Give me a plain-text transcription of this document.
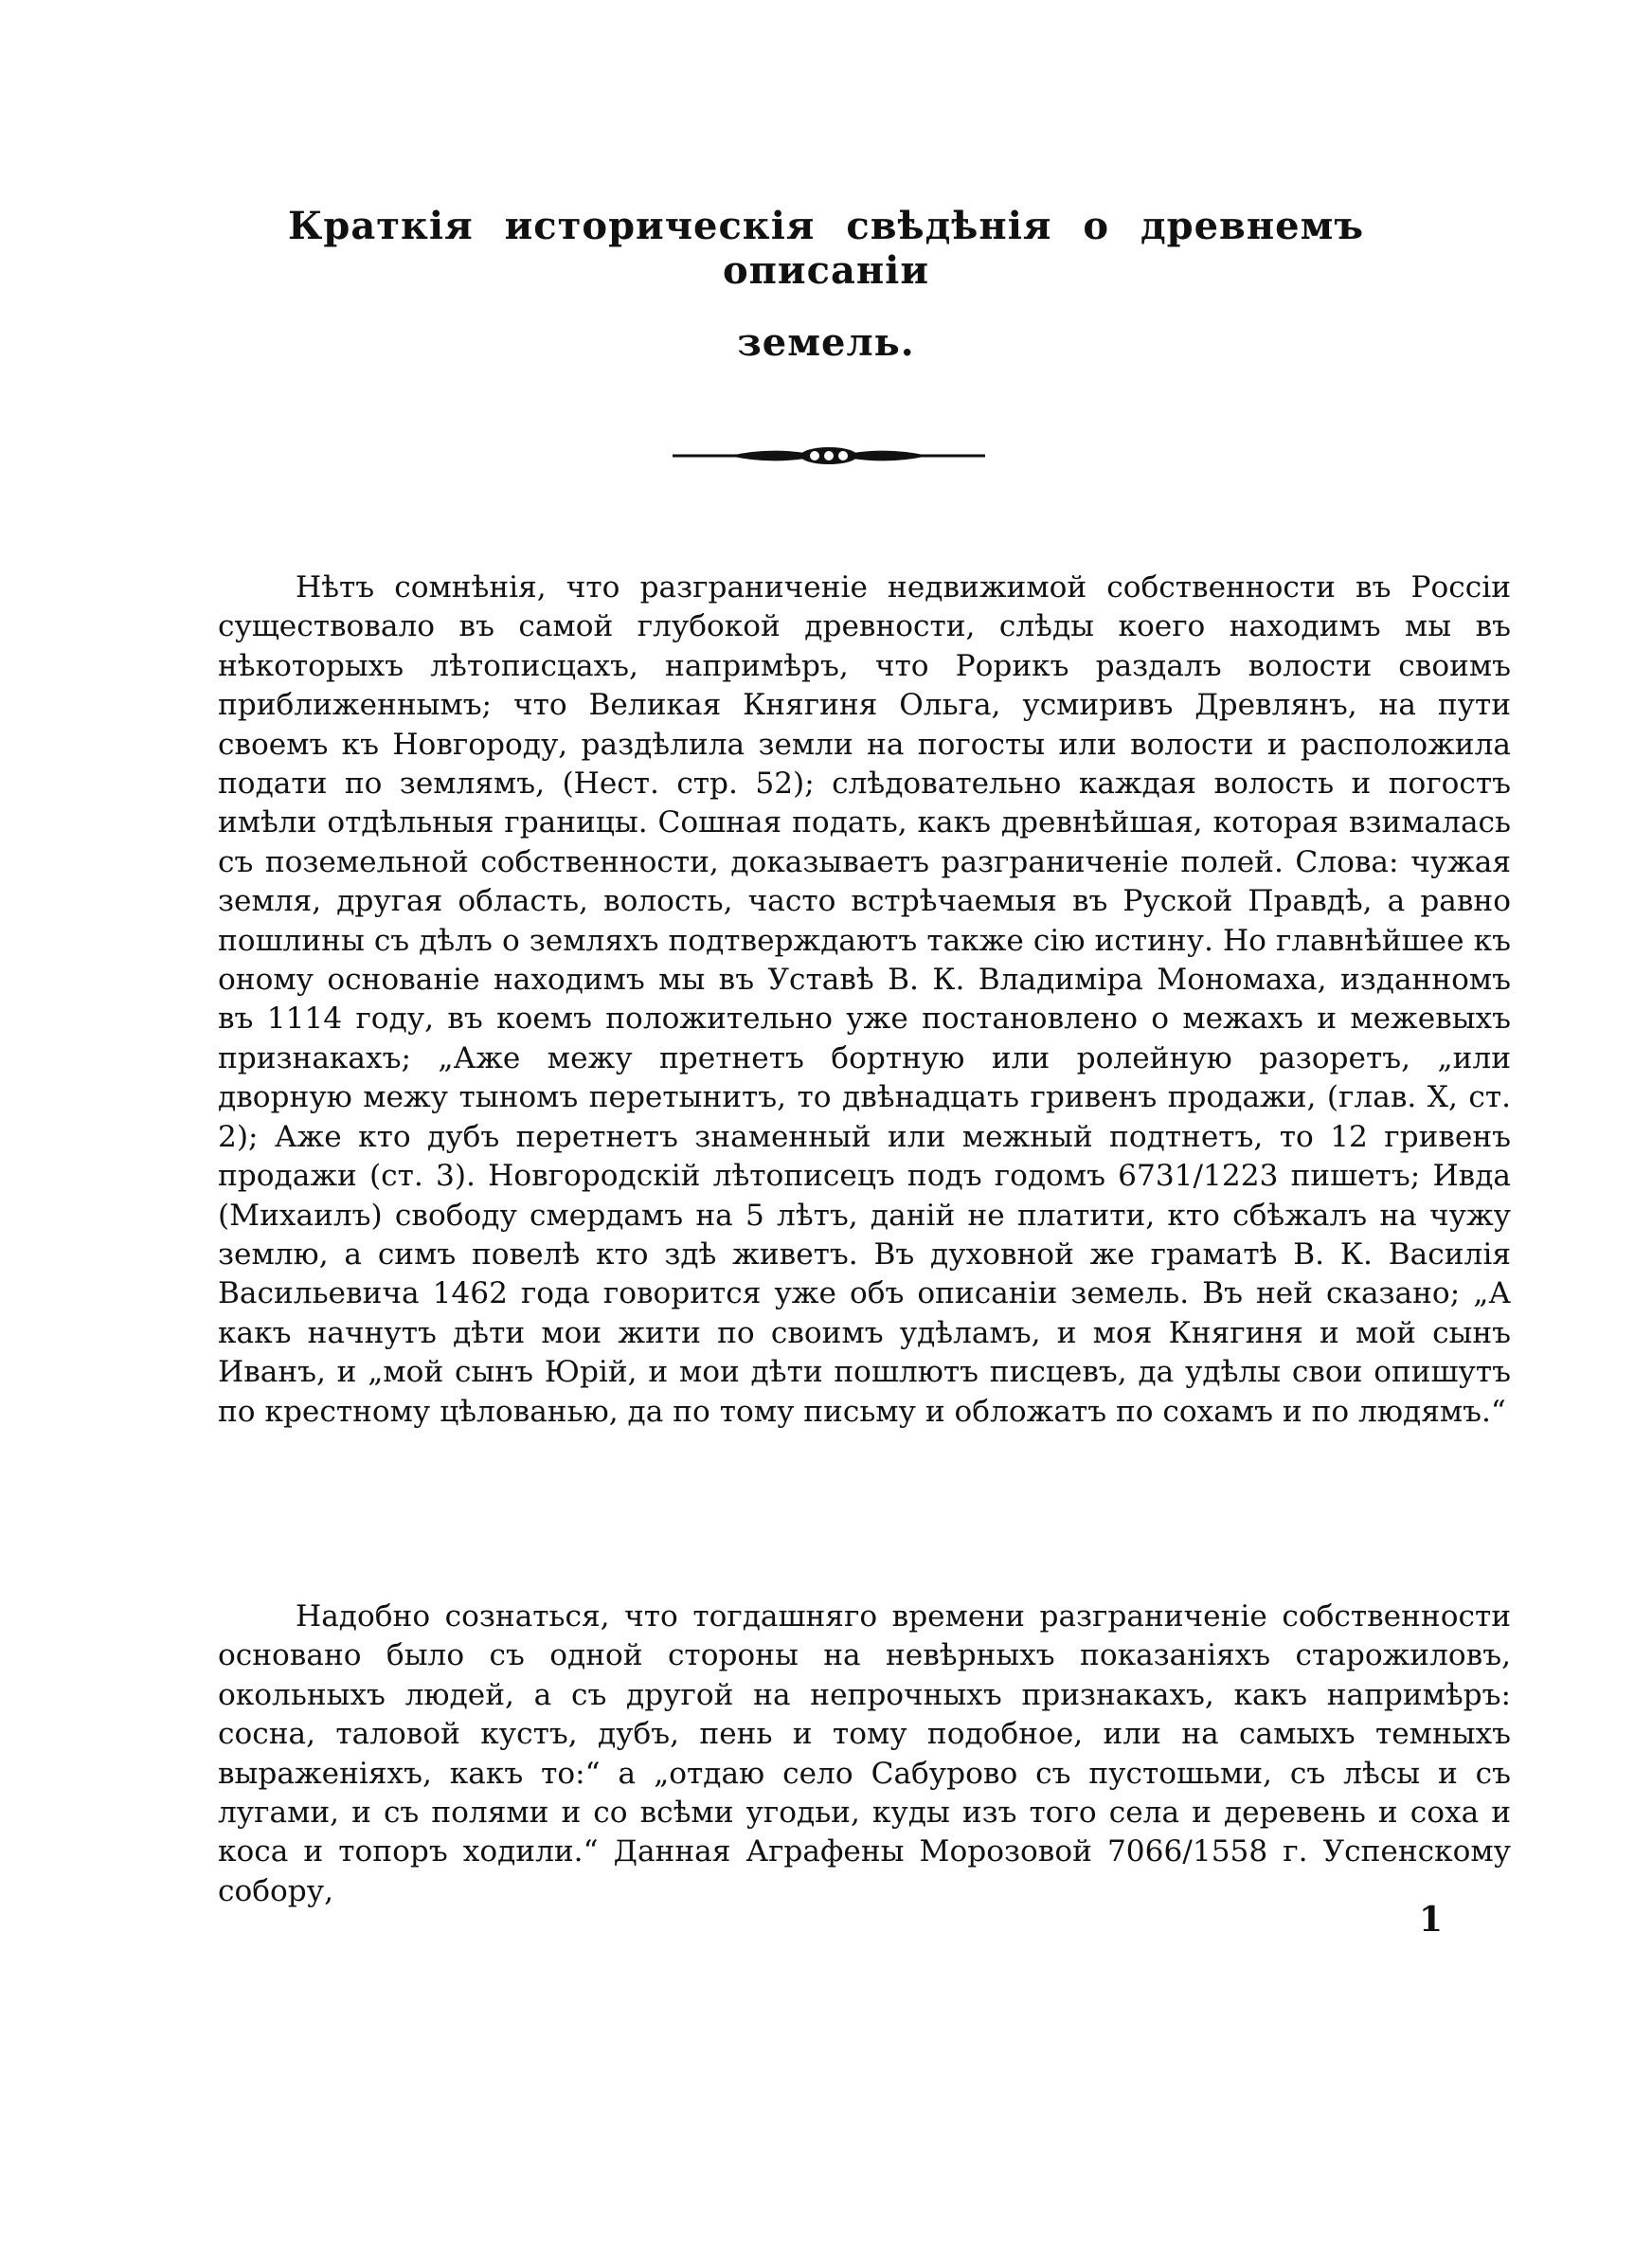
Краткія историческія свѣдѣнія о древнемъ описаніи
земель.

Нѣтъ сомнѣнія, что разграниченіе недвижимой собственности въ Россіи существовало въ самой глубокой древности, слѣды коего находимъ мы въ нѣкоторыхъ лѣтописцахъ, напримѣръ, что Рорикъ раздалъ волости своимъ приближеннымъ; что Великая Княгиня Ольга, усмиривъ Древлянъ, на пути своемъ къ Новгороду, раздѣлила земли на погосты или волости и расположила подати по землямъ, (Нест. стр. 52); слѣдовательно каждая волость и погостъ имѣли отдѣльныя границы. Сошная подать, какъ древнѣйшая, которая взималась съ поземельной собственности, доказываетъ разграниченіе полей. Слова: чужая земля, другая область, волость, часто встрѣчаемыя въ Руской Правдѣ, а равно пошлины съ дѣлъ о земляхъ подтверждаютъ также сію истину. Но главнѣйшее къ оному основаніе находимъ мы въ Уставѣ В. К. Владиміра Мономаха, изданномъ въ 1114 году, въ коемъ положительно уже постановлено о межахъ и межевыхъ признакахъ; „Аже межу претнетъ бортную или ролейную разоретъ, „или дворную межу тыномъ перетынитъ, то двѣнадцать гривенъ продажи, (глав. X, ст. 2); Аже кто дубъ перетнетъ знаменный или межный подтнетъ, то 12 гривенъ продажи (ст. 3). Новгородскій лѣтописецъ подъ годомъ 6731/1223 пишетъ; Ивда (Михаилъ) свободу смердамъ на 5 лѣтъ, даній не платити, кто сбѣжалъ на чужу землю, а симъ повелѣ кто здѣ живетъ. Въ духовной же граматѣ В. К. Василія Васильевича 1462 года говорится уже объ описаніи земель. Въ ней сказано; „А какъ начнутъ дѣти мои жити по своимъ удѣламъ, и моя Княгиня и мой сынъ Иванъ, и „мой сынъ Юрій, и мои дѣти пошлютъ писцевъ, да удѣлы свои опишутъ по крестному цѣлованью, да по тому письму и обложатъ по сохамъ и по людямъ.“

Надобно сознаться, что тогдашняго времени разграниченіе собственности основано было съ одной стороны на невѣрныхъ показаніяхъ старожиловъ, окольныхъ людей, а съ другой на непрочныхъ признакахъ, какъ напримѣръ: сосна, таловой кустъ, дубъ, пень и тому подобное, или на самыхъ темныхъ выраженіяхъ, какъ то:“ а „отдаю село Сабурово съ пустошьми, съ лѣсы и съ лугами, и съ полями и со всѣми угодьи, куды изъ того села и деревень и соха и коса и топоръ ходили.“ Данная Аграфены Морозовой 7066/1558 г. Успенскому собору,

1
